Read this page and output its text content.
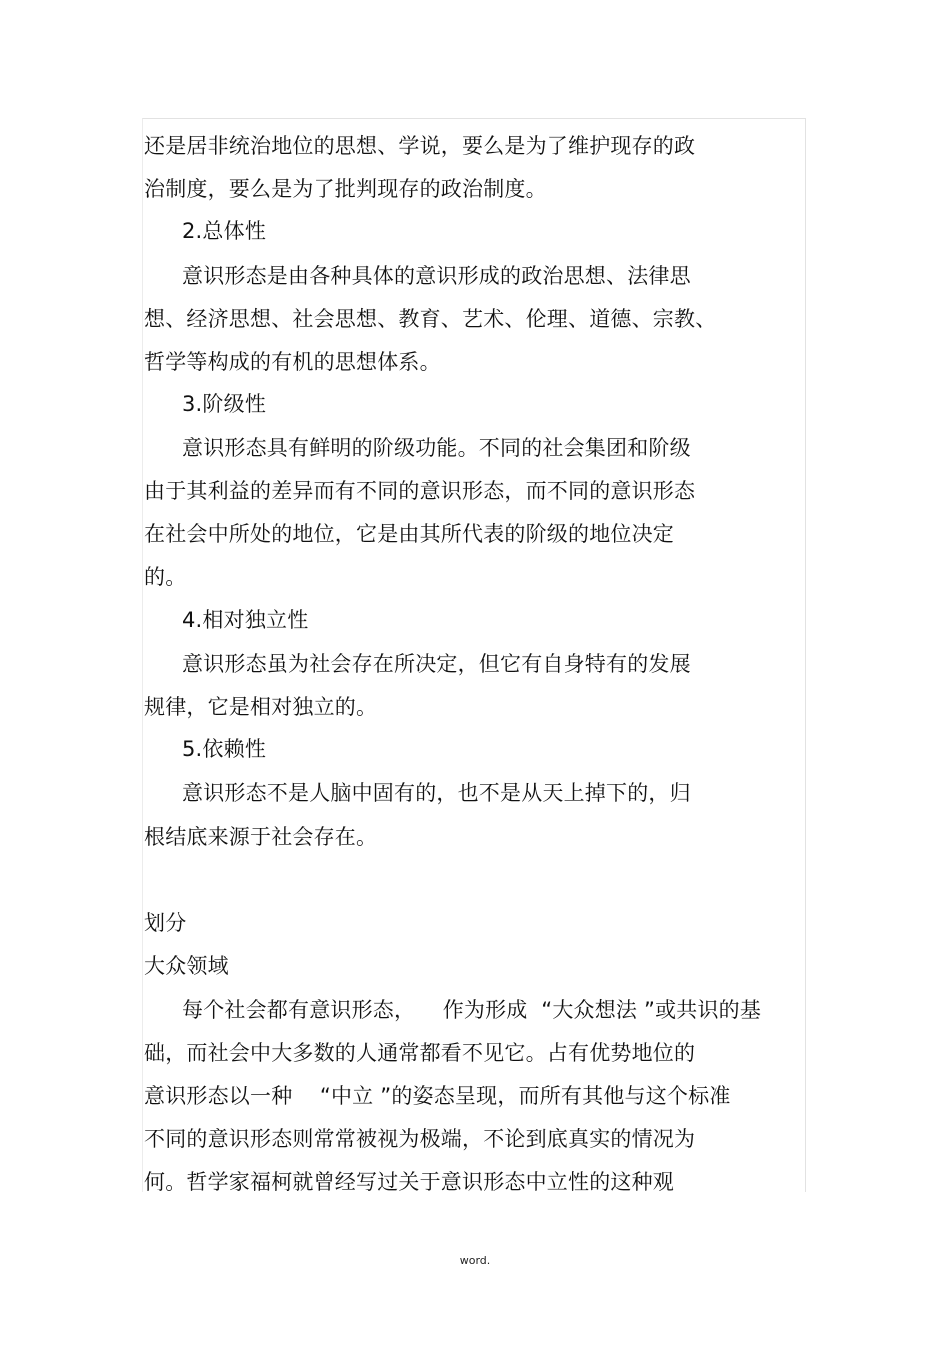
还是居非统治地位的思想、学说，要么是为了维护现存的政
治制度，要么是为了批判现存的政治制度。
2.总体性
意识形态是由各种具体的意识形成的政治思想、法律思
想、经济思想、社会思想、教育、艺术、伦理、道德、宗教、
哲学等构成的有机的思想体系。
3.阶级性
意识形态具有鲜明的阶级功能。不同的社会集团和阶级
由于其利益的差异而有不同的意识形态，而不同的意识形态
在社会中所处的地位，它是由其所代表的阶级的地位决定
的。
4.相对独立性
意识形态虽为社会存在所决定，但它有自身特有的发展
规律，它是相对独立的。
5.依赖性
意识形态不是人脑中固有的，也不是从天上掉下的，归
根结底来源于社会存在。
划分
大众领域
每个社会都有意识形态，    作为形成  “大众想法 ”或共识的基
础，而社会中大多数的人通常都看不见它。占有优势地位的
意识形态以一种    “中立 ”的姿态呈现，而所有其他与这个标准
不同的意识形态则常常被视为极端，不论到底真实的情况为
何。哲学家福柯就曾经写过关于意识形态中立性的这种观
word.
